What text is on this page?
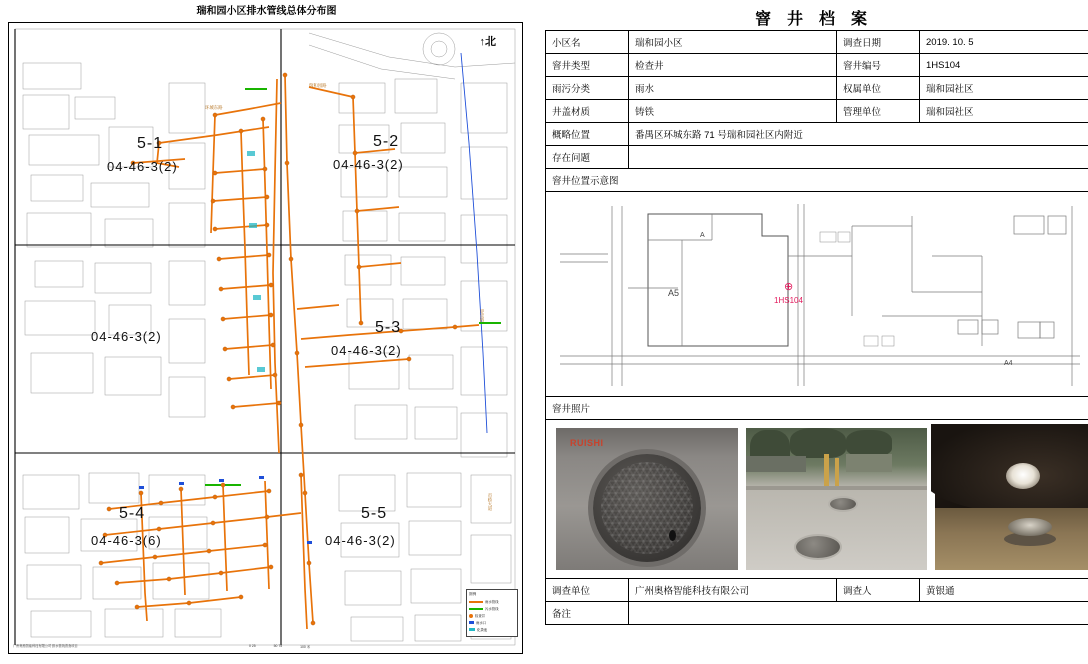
瑞和园小区排水管线总体分布图
↑北
5-1
04-46-3(2)
5-2
04-46-3(2)
04-46-3(2)
5-3
04-46-3(2)
5-4
04-46-3(6)
5-5
04-46-3(2)
环城东路
瑞和园路
迎宾路
市桥大道
图例
雨水管线
污水管线
检查井
雨水口
化粪池
广州奥格智能科技有限公司 排水管线普查项目	0 25	50 75	100 米
窨 井 档 案
小区名	瑞和园小区	调查日期	2019. 10. 5
窨井类型	检查井	窨井编号	1HS104
雨污分类	雨水	权属单位	瑞和园社区
井盖材质	铸铁	管理单位	瑞和园社区
概略位置	番禺区环城东路 71 号瑞和园社区内附近		
存在问题			
窨井位置示意图			

A
A5
A4
⊕
1HS104			

窨井照片			

RUISHI			

调查单位	广州奥格智能科技有限公司	调查人	黄银通
备注			
